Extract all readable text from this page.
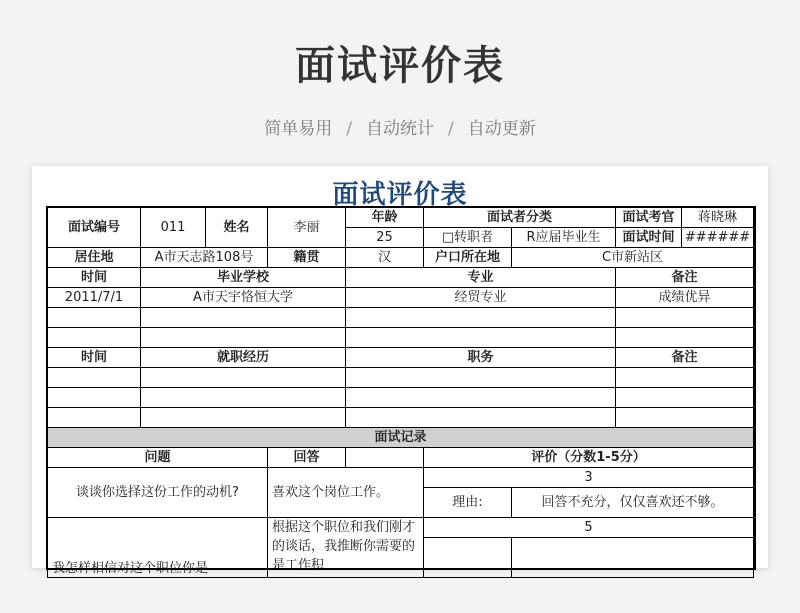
面试评价表
简单易用 / 自动统计 / 自动更新
面试评价表
面试编号	011	姓名	李丽	年龄	面试者分类		面试考官	蒋晓琳
				25	□转职者	R应届毕业生	面试时间	######
居住地	A市天志路108号		籍贯	汉	户口所在地	C市新站区		
时间	毕业学校			专业			备注	
2011/7/1	A市天宇恪恒大学			经贸专业			成绩优异	

时间	就职经历			职务			备注	

面试记录								
问题			回答		评价（分数1-5分）			
谈谈你选择这份工作的动机?			喜欢这个岗位工作。		3			
					理由:	回答不充分，仅仅喜欢还不够。		
我怎样相信对这个职位你是			根据这个职位和我们刚才的谈话，我推断你需要的是工作积		5			
